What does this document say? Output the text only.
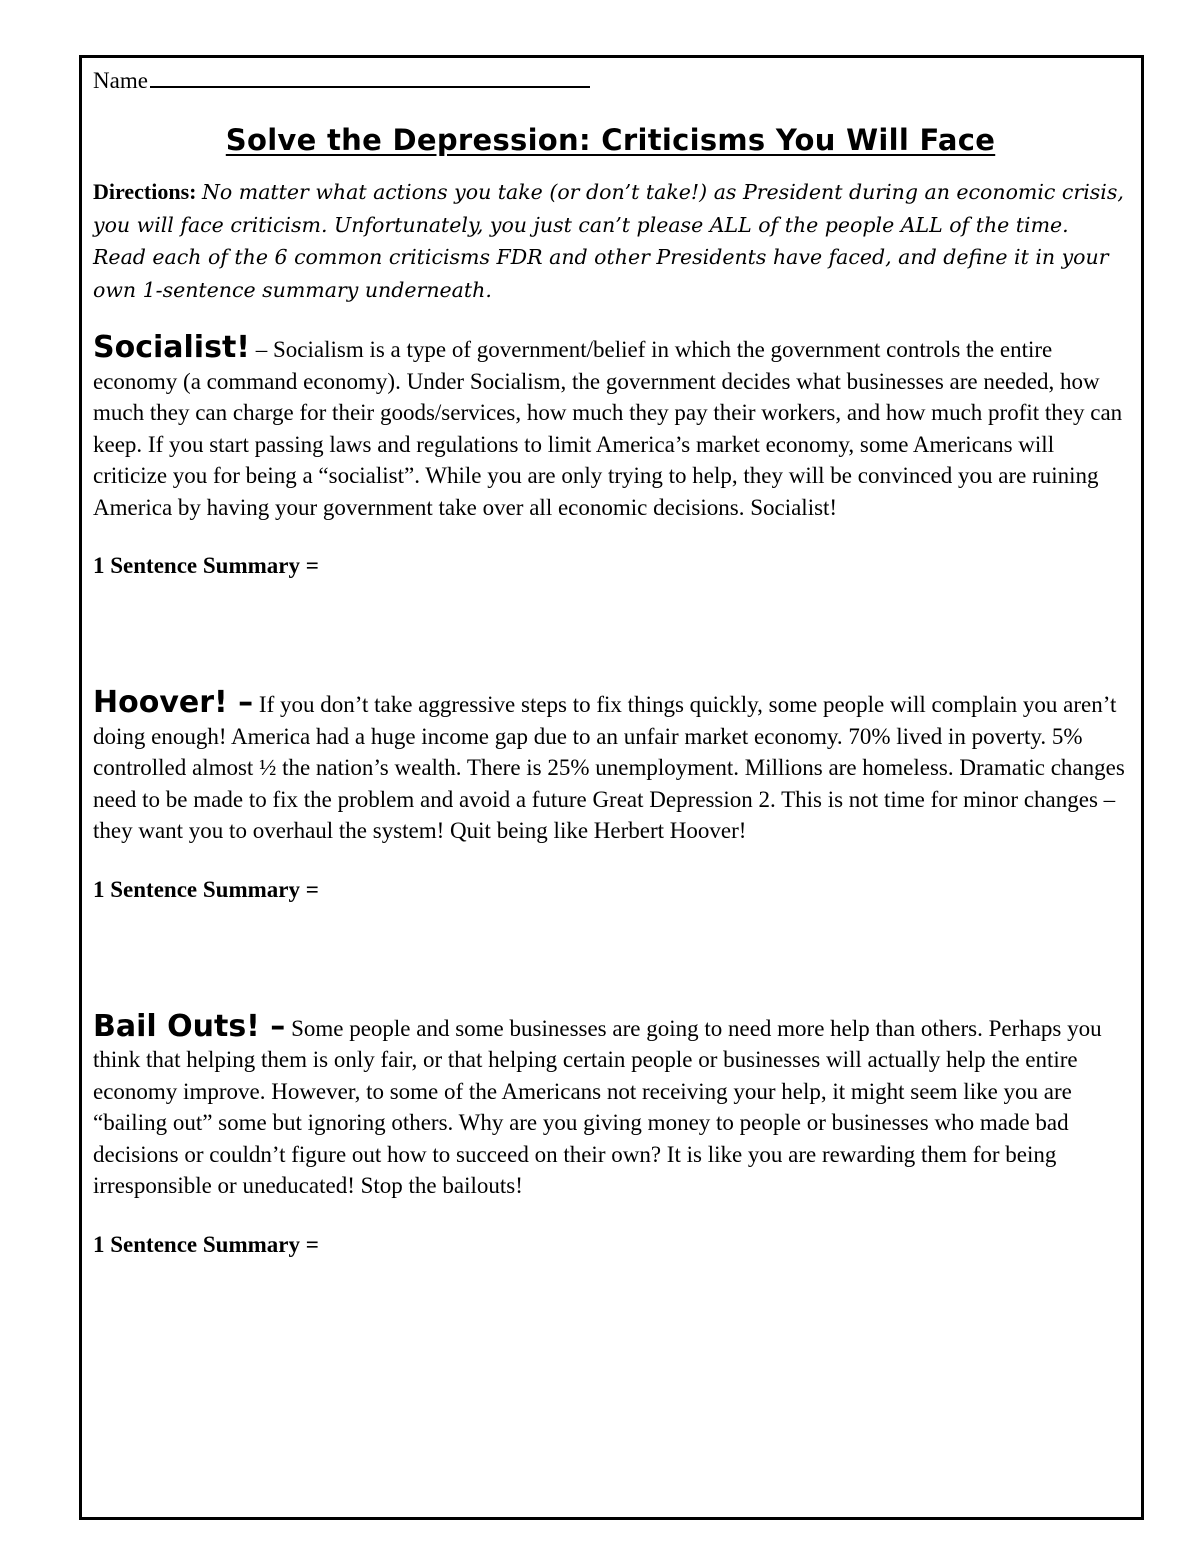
Name
Solve the Depression: Criticisms You Will Face
Directions: No matter what actions you take (or don’t take!) as President during an economic crisis, you will face criticism. Unfortunately, you just can’t please ALL of the people ALL of the time. Read each of the 6 common criticisms FDR and other Presidents have faced, and define it in your own 1-sentence summary underneath.
Socialist! – Socialism is a type of government/belief in which the government controls the entire economy (a command economy). Under Socialism, the government decides what businesses are needed, how much they can charge for their goods/services, how much they pay their workers, and how much profit they can keep. If you start passing laws and regulations to limit America’s market economy, some Americans will criticize you for being a “socialist”. While you are only trying to help, they will be convinced you are ruining America by having your government take over all economic decisions. Socialist!
1 Sentence Summary =
Hoover! – If you don’t take aggressive steps to fix things quickly, some people will complain you aren’t doing enough! America had a huge income gap due to an unfair market economy. 70% lived in poverty. 5% controlled almost ½ the nation’s wealth. There is 25% unemployment. Millions are homeless. Dramatic changes need to be made to fix the problem and avoid a future Great Depression 2. This is not time for minor changes – they want you to overhaul the system! Quit being like Herbert Hoover!
1 Sentence Summary =
Bail Outs! – Some people and some businesses are going to need more help than others. Perhaps you think that helping them is only fair, or that helping certain people or businesses will actually help the entire economy improve. However, to some of the Americans not receiving your help, it might seem like you are “bailing out” some but ignoring others. Why are you giving money to people or businesses who made bad decisions or couldn’t figure out how to succeed on their own? It is like you are rewarding them for being irresponsible or uneducated! Stop the bailouts!
1 Sentence Summary =
